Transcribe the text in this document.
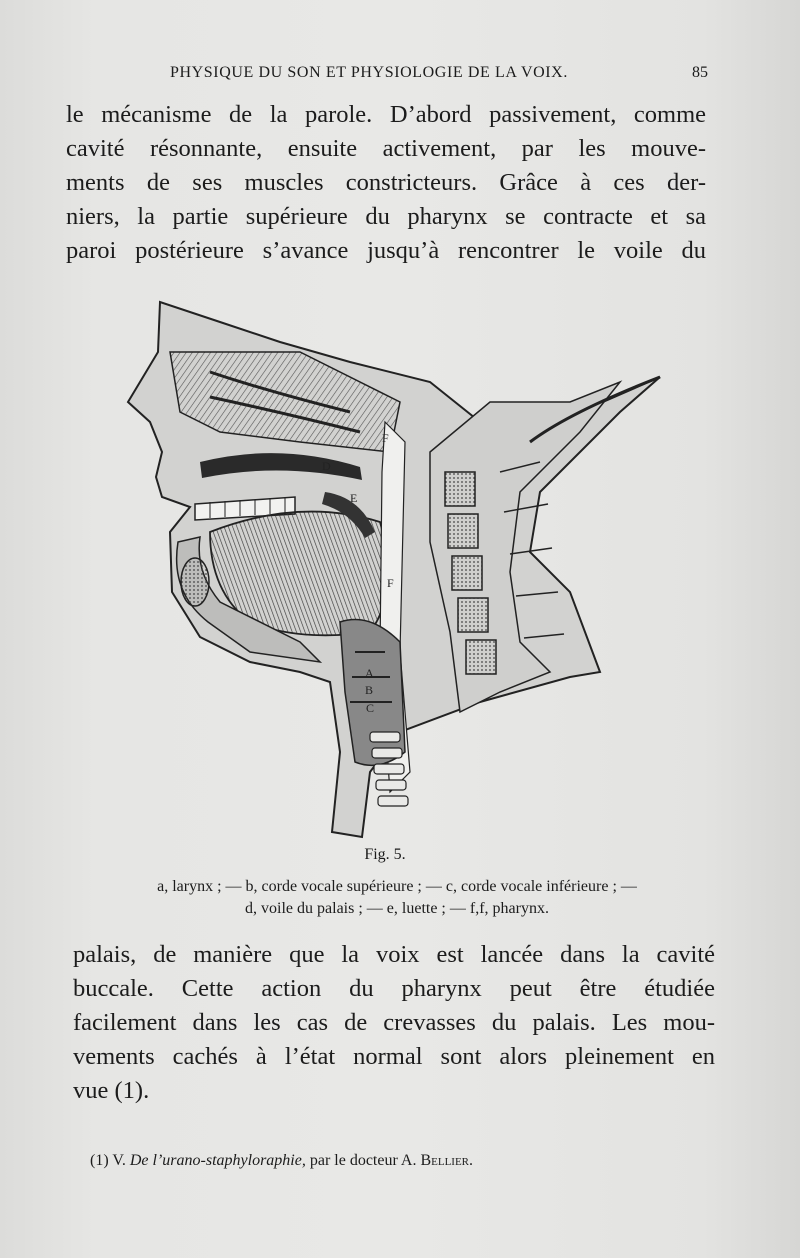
PHYSIQUE DU SON ET PHYSIOLOGIE DE LA VOIX.	85
le mécanisme de la parole. D’abord passivement, comme
cavité résonnante, ensuite activement, par les mouve-
ments de ses muscles constricteurs. Grâce à ces der-
niers, la partie supérieure du pharynx se contracte et sa
paroi postérieure s’avance jusqu’à rencontrer le voile du
F
D
E
F
A
B
C
Fig. 5.
a, larynx ; — b, corde vocale supérieure ; — c, corde vocale inférieure ; —
d, voile du palais ; — e, luette ; — f,f, pharynx.
palais, de manière que la voix est lancée dans la cavité
buccale. Cette action du pharynx peut être étudiée
facilement dans les cas de crevasses du palais. Les mou-
vements cachés à l’état normal sont alors pleinement en
vue (1).
(1) V. De l’urano-staphyloraphie, par le docteur A. Bellier.
